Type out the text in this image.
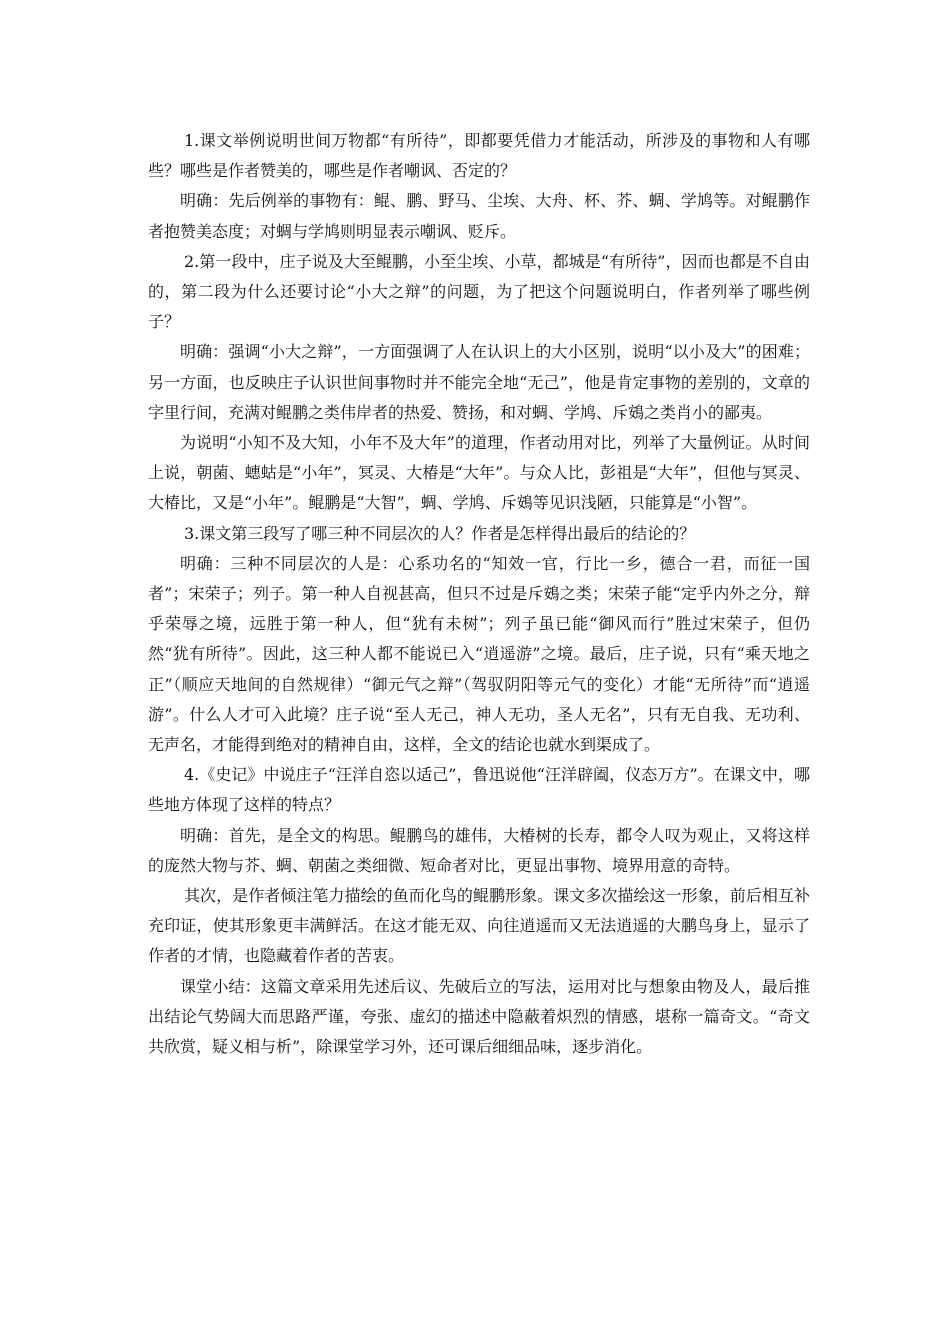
1.课文举例说明世间万物都“有所待”，即都要凭借力才能活动，所涉及的事物和人有哪些？哪些是作者赞美的，哪些是作者嘲讽、否定的？

明确：先后例举的事物有：鲲、鹏、野马、尘埃、大舟、杯、芥、蜩、学鸠等。对鲲鹏作者抱赞美态度；对蜩与学鸠则明显表示嘲讽、贬斥。

2.第一段中，庄子说及大至鲲鹏，小至尘埃、小草，都城是“有所待”，因而也都是不自由的，第二段为什么还要讨论“小大之辩”的问题，为了把这个问题说明白，作者列举了哪些例子？

明确：强调“小大之辩”，一方面强调了人在认识上的大小区别，说明“以小及大”的困难；另一方面，也反映庄子认识世间事物时并不能完全地“无己”，他是肯定事物的差别的，文章的字里行间，充满对鲲鹏之类伟岸者的热爱、赞扬，和对蜩、学鸠、斥鴳之类肖小的鄙夷。

为说明“小知不及大知，小年不及大年”的道理，作者动用对比，列举了大量例证。从时间上说，朝菌、蟪蛄是“小年”，冥灵、大椿是“大年”。与众人比，彭祖是“大年”，但他与冥灵、大椿比，又是“小年”。鲲鹏是“大智”，蜩、学鸠、斥鴳等见识浅陋，只能算是“小智”。

3.课文第三段写了哪三种不同层次的人？作者是怎样得出最后的结论的？

明确：三种不同层次的人是：心系功名的“知效一官，行比一乡，德合一君，而征一国者”；宋荣子；列子。第一种人自视甚高，但只不过是斥鴳之类；宋荣子能“定乎内外之分，辩乎荣辱之境，远胜于第一种人，但“犹有未树”；列子虽已能“御风而行”胜过宋荣子，但仍然“犹有所待”。因此，这三种人都不能说已入“逍遥游”之境。最后，庄子说，只有“乘天地之正”（顺应天地间的自然规律）“御元气之辩”（驾驭阴阳等元气的变化）才能“无所待”而“逍遥游”。什么人才可入此境？庄子说“至人无己，神人无功，圣人无名”，只有无自我、无功利、无声名，才能得到绝对的精神自由，这样，全文的结论也就水到渠成了。

4.《史记》中说庄子“汪洋自恣以适己”，鲁迅说他“汪洋辟阖，仪态万方”。在课文中，哪些地方体现了这样的特点？

明确：首先，是全文的构思。鲲鹏鸟的雄伟，大椿树的长寿，都令人叹为观止，又将这样的庞然大物与芥、蜩、朝菌之类细微、短命者对比，更显出事物、境界用意的奇特。

其次，是作者倾注笔力描绘的鱼而化鸟的鲲鹏形象。课文多次描绘这一形象，前后相互补充印证，使其形象更丰满鲜活。在这才能无双、向往逍遥而又无法逍遥的大鹏鸟身上，显示了作者的才情，也隐藏着作者的苦衷。

课堂小结：这篇文章采用先述后议、先破后立的写法，运用对比与想象由物及人，最后推出结论气势阔大而思路严谨，夸张、虚幻的描述中隐蔽着炽烈的情感，堪称一篇奇文。“奇文共欣赏，疑义相与析”，除课堂学习外，还可课后细细品味，逐步消化。
